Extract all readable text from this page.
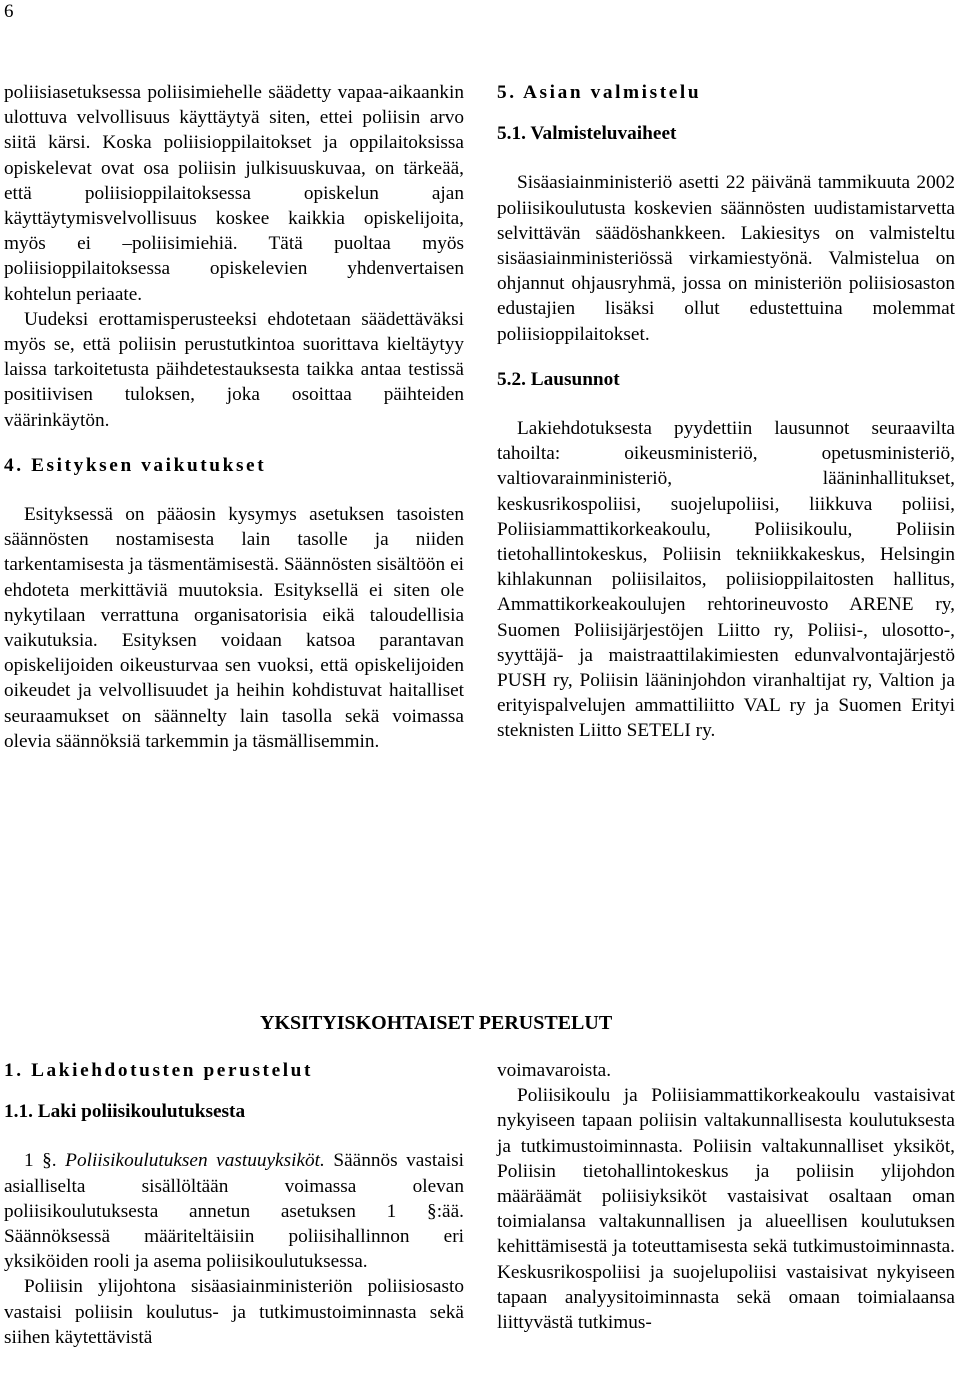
6

poliisiasetuksessa poliisimiehelle säädetty vapaa-aikaankin ulottuva velvollisuus käyttäytyä siten, ettei poliisin arvo siitä kärsi. Koska poliisioppilaitokset ja oppilaitoksissa opiskelevat ovat osa poliisin julkisuuskuvaa, on tärkeää, että poliisioppilaitoksessa opiskelun ajan käyttäytymisvelvollisuus koskee kaikkia opiskelijoita, myös ei –poliisimiehiä. Tätä puoltaa myös poliisioppilaitoksessa opiskelevien yhdenvertaisen kohtelun periaate.

Uudeksi erottamisperusteeksi ehdotetaan säädettäväksi myös se, että poliisin perustutkintoa suorittava kieltäytyy laissa tarkoitetusta päihdetestauksesta taikka antaa testissä positiivisen tuloksen, joka osoittaa päihteiden väärinkäytön.

4. Esityksen vaikutukset

Esityksessä on pääosin kysymys asetuksen tasoisten säännösten nostamisesta lain tasolle ja niiden tarkentamisesta ja täsmentämisestä. Säännösten sisältöön ei ehdoteta merkittäviä muutoksia. Esityksellä ei siten ole nykytilaan verrattuna organisatorisia eikä taloudellisia vaikutuksia. Esityksen voidaan katsoa parantavan opiskelijoiden oikeusturvaa sen vuoksi, että opiskelijoiden oikeudet ja velvollisuudet ja heihin kohdistuvat haitalliset seuraamukset on säännelty lain tasolla sekä voimassa olevia säännöksiä tarkemmin ja täsmällisemmin.

5. Asian valmistelu

5.1. Valmisteluvaiheet

Sisäasiainministeriö asetti 22 päivänä tammikuuta 2002 poliisikoulutusta koskevien säännösten uudistamistarvetta selvittävän säädöshankkeen. Lakiesitys on valmisteltu sisäasiainministeriössä virkamiestyönä. Valmistelua on ohjannut ohjausryhmä, jossa on ministeriön poliisiosaston edustajien lisäksi ollut edustettuina molemmat poliisioppilaitokset.

5.2. Lausunnot

Lakiehdotuksesta pyydettiin lausunnot seuraavilta tahoilta: oikeusministeriö, opetusministeriö, valtiovarainministeriö, lääninhallitukset, keskusrikospoliisi, suojelupoliisi, liikkuva poliisi, Poliisiammattikorkeakoulu, Poliisikoulu, Poliisin tietohallintokeskus, Poliisin tekniikkakeskus, Helsingin kihlakunnan poliisilaitos, poliisioppilaitosten hallitus, Ammattikorkeakoulujen rehtorineuvosto ARENE ry, Suomen Poliisijärjestöjen Liitto ry, Poliisi-, ulosotto-, syyttäjä- ja maistraattilakimiesten edunvalvontajärjestö PUSH ry, Poliisin lääninjohdon viranhaltijat ry, Valtion ja erityispalvelujen ammattiliitto VAL ry ja Suomen Erityi steknisten Liitto SETELI ry.

YKSITYISKOHTAISET PERUSTELUT

1. Lakiehdotusten perustelut

1.1. Laki poliisikoulutuksesta

1 §. Poliisikoulutuksen vastuuyksiköt. Säännös vastaisi asialliselta sisällöltään voimassa olevan poliisikoulutuksesta annetun asetuksen 1 §:ää. Säännöksessä määriteltäisiin poliisihallinnon eri yksiköiden rooli ja asema poliisikoulutuksessa.

Poliisin ylijohtona sisäasiainministeriön poliisiosasto vastaisi poliisin koulutus- ja tutkimustoiminnasta sekä siihen käytettävistä

voimavaroista.

Poliisikoulu ja Poliisiammattikorkeakoulu vastaisivat nykyiseen tapaan poliisin valtakunnallisesta koulutuksesta ja tutkimustoiminnasta. Poliisin valtakunnalliset yksiköt, Poliisin tietohallintokeskus ja poliisin ylijohdon määräämät poliisiyksiköt vastaisivat osaltaan oman toimialansa valtakunnallisen ja alueellisen koulutuksen kehittämisestä ja toteuttamisesta sekä tutkimustoiminnasta. Keskusrikospoliisi ja suojelupoliisi vastaisivat nykyiseen tapaan analyysitoiminnasta sekä omaan toimialaansa liittyvästä tutkimus-
